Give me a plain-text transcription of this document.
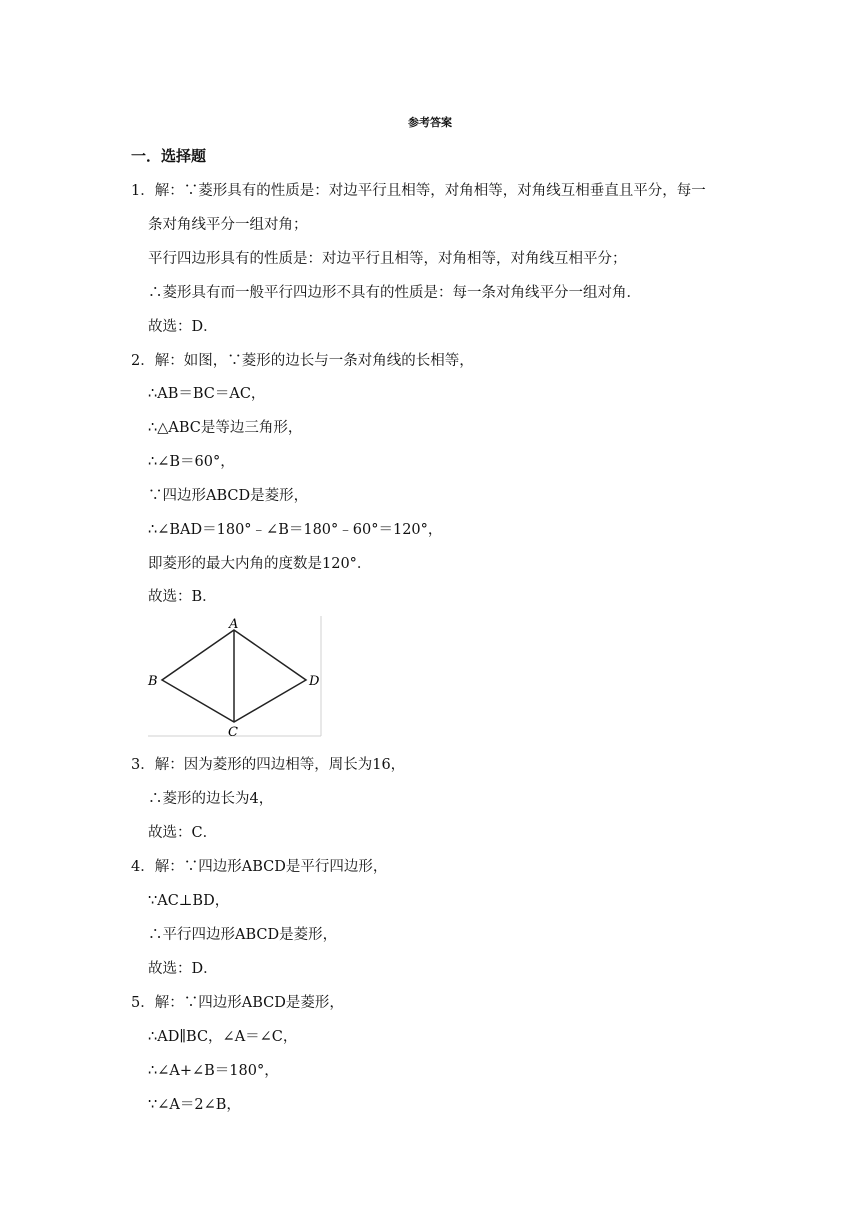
参考答案
一．选择题
1．解：∵菱形具有的性质是：对边平行且相等，对角相等，对角线互相垂直且平分，每一
条对角线平分一组对角；
平行四边形具有的性质是：对边平行且相等，对角相等，对角线互相平分；
∴菱形具有而一般平行四边形不具有的性质是：每一条对角线平分一组对角．
故选：D．
2．解：如图，∵菱形的边长与一条对角线的长相等，
∴AB＝BC＝AC，
∴△ABC是等边三角形，
∴∠B＝60°，
∵四边形ABCD是菱形，
∴∠BAD＝180°﹣∠B＝180°﹣60°＝120°，
即菱形的最大内角的度数是120°．
故选：B．
A
B
C
D
3．解：因为菱形的四边相等，周长为16，
∴菱形的边长为4，
故选：C．
4．解：∵四边形ABCD是平行四边形，
∵AC⊥BD，
∴平行四边形ABCD是菱形，
故选：D．
5．解：∵四边形ABCD是菱形，
∴AD∥BC，∠A＝∠C，
∴∠A+∠B＝180°，
∵∠A＝2∠B，
